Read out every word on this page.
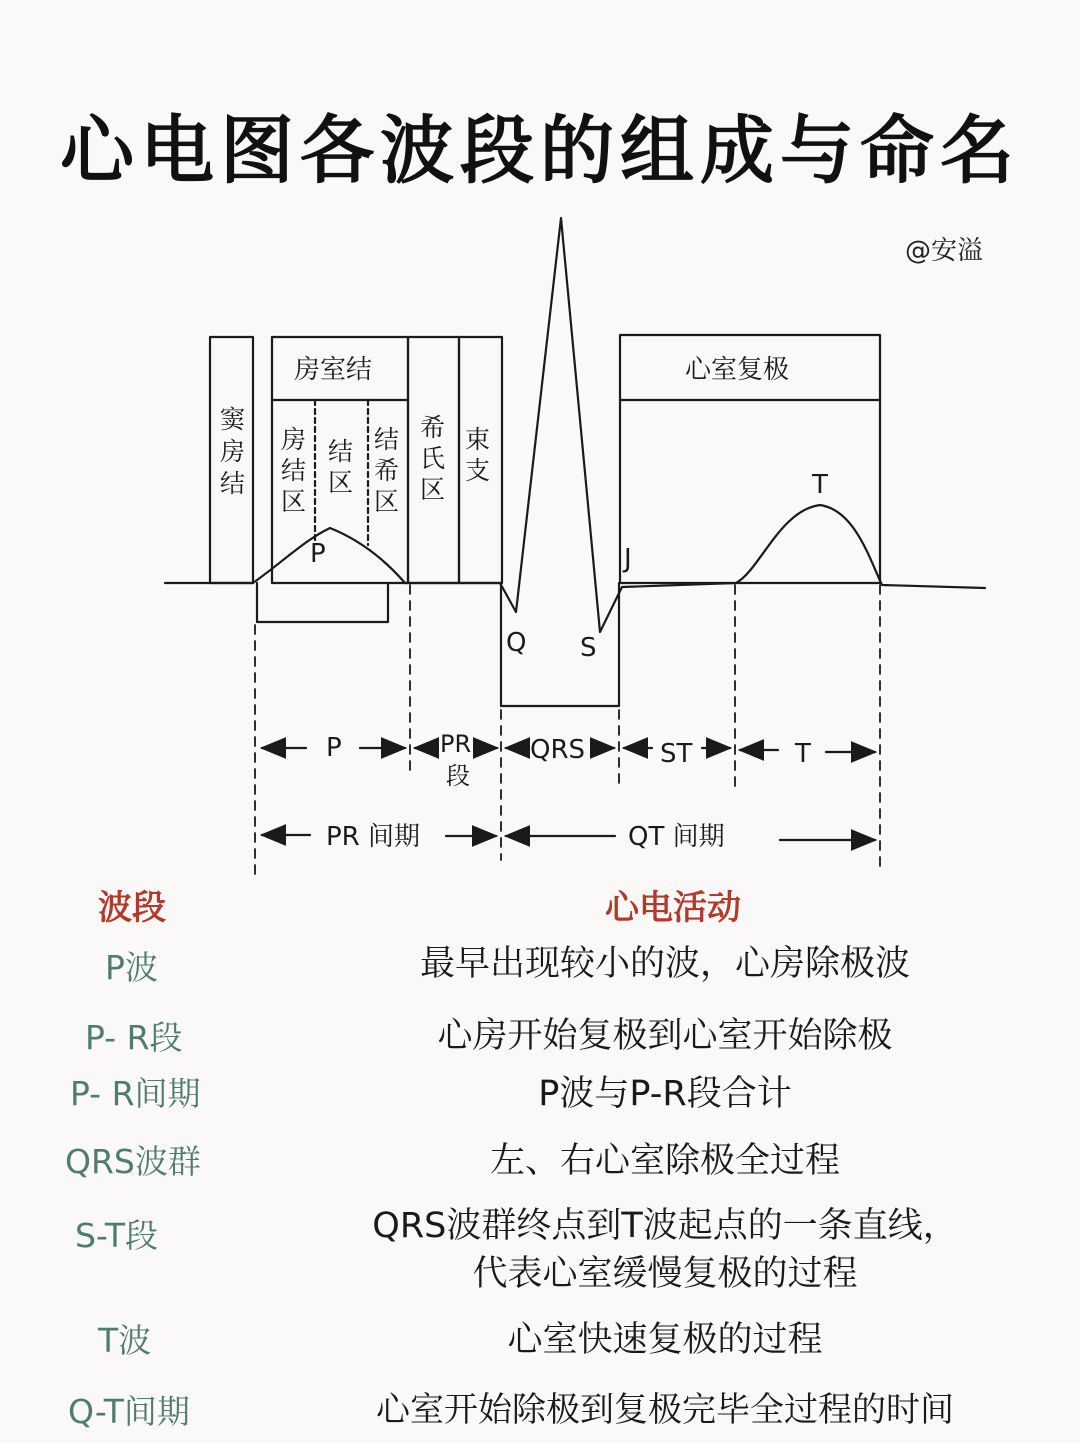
心电图各波段的组成与命名
@安溢
窦
房
结
房室结
房
结
区
结
区
结
希
区
希
氏
区
束
支
心室复极
P
Q S
J
T
P	PR
段
QRS	ST	T
PR 间期	QT 间期
波段	心电活动
P波	最早出现较小的波，心房除极波
P- R段	心房开始复极到心室开始除极
P- R间期	P波与P-R段合计
QRS波群	左、右心室除极全过程
S-T段	QRS波群终点到T波起点的一条直线，
代表心室缓慢复极的过程
T波	心室快速复极的过程
Q-T间期	心室开始除极到复极完毕全过程的时间
